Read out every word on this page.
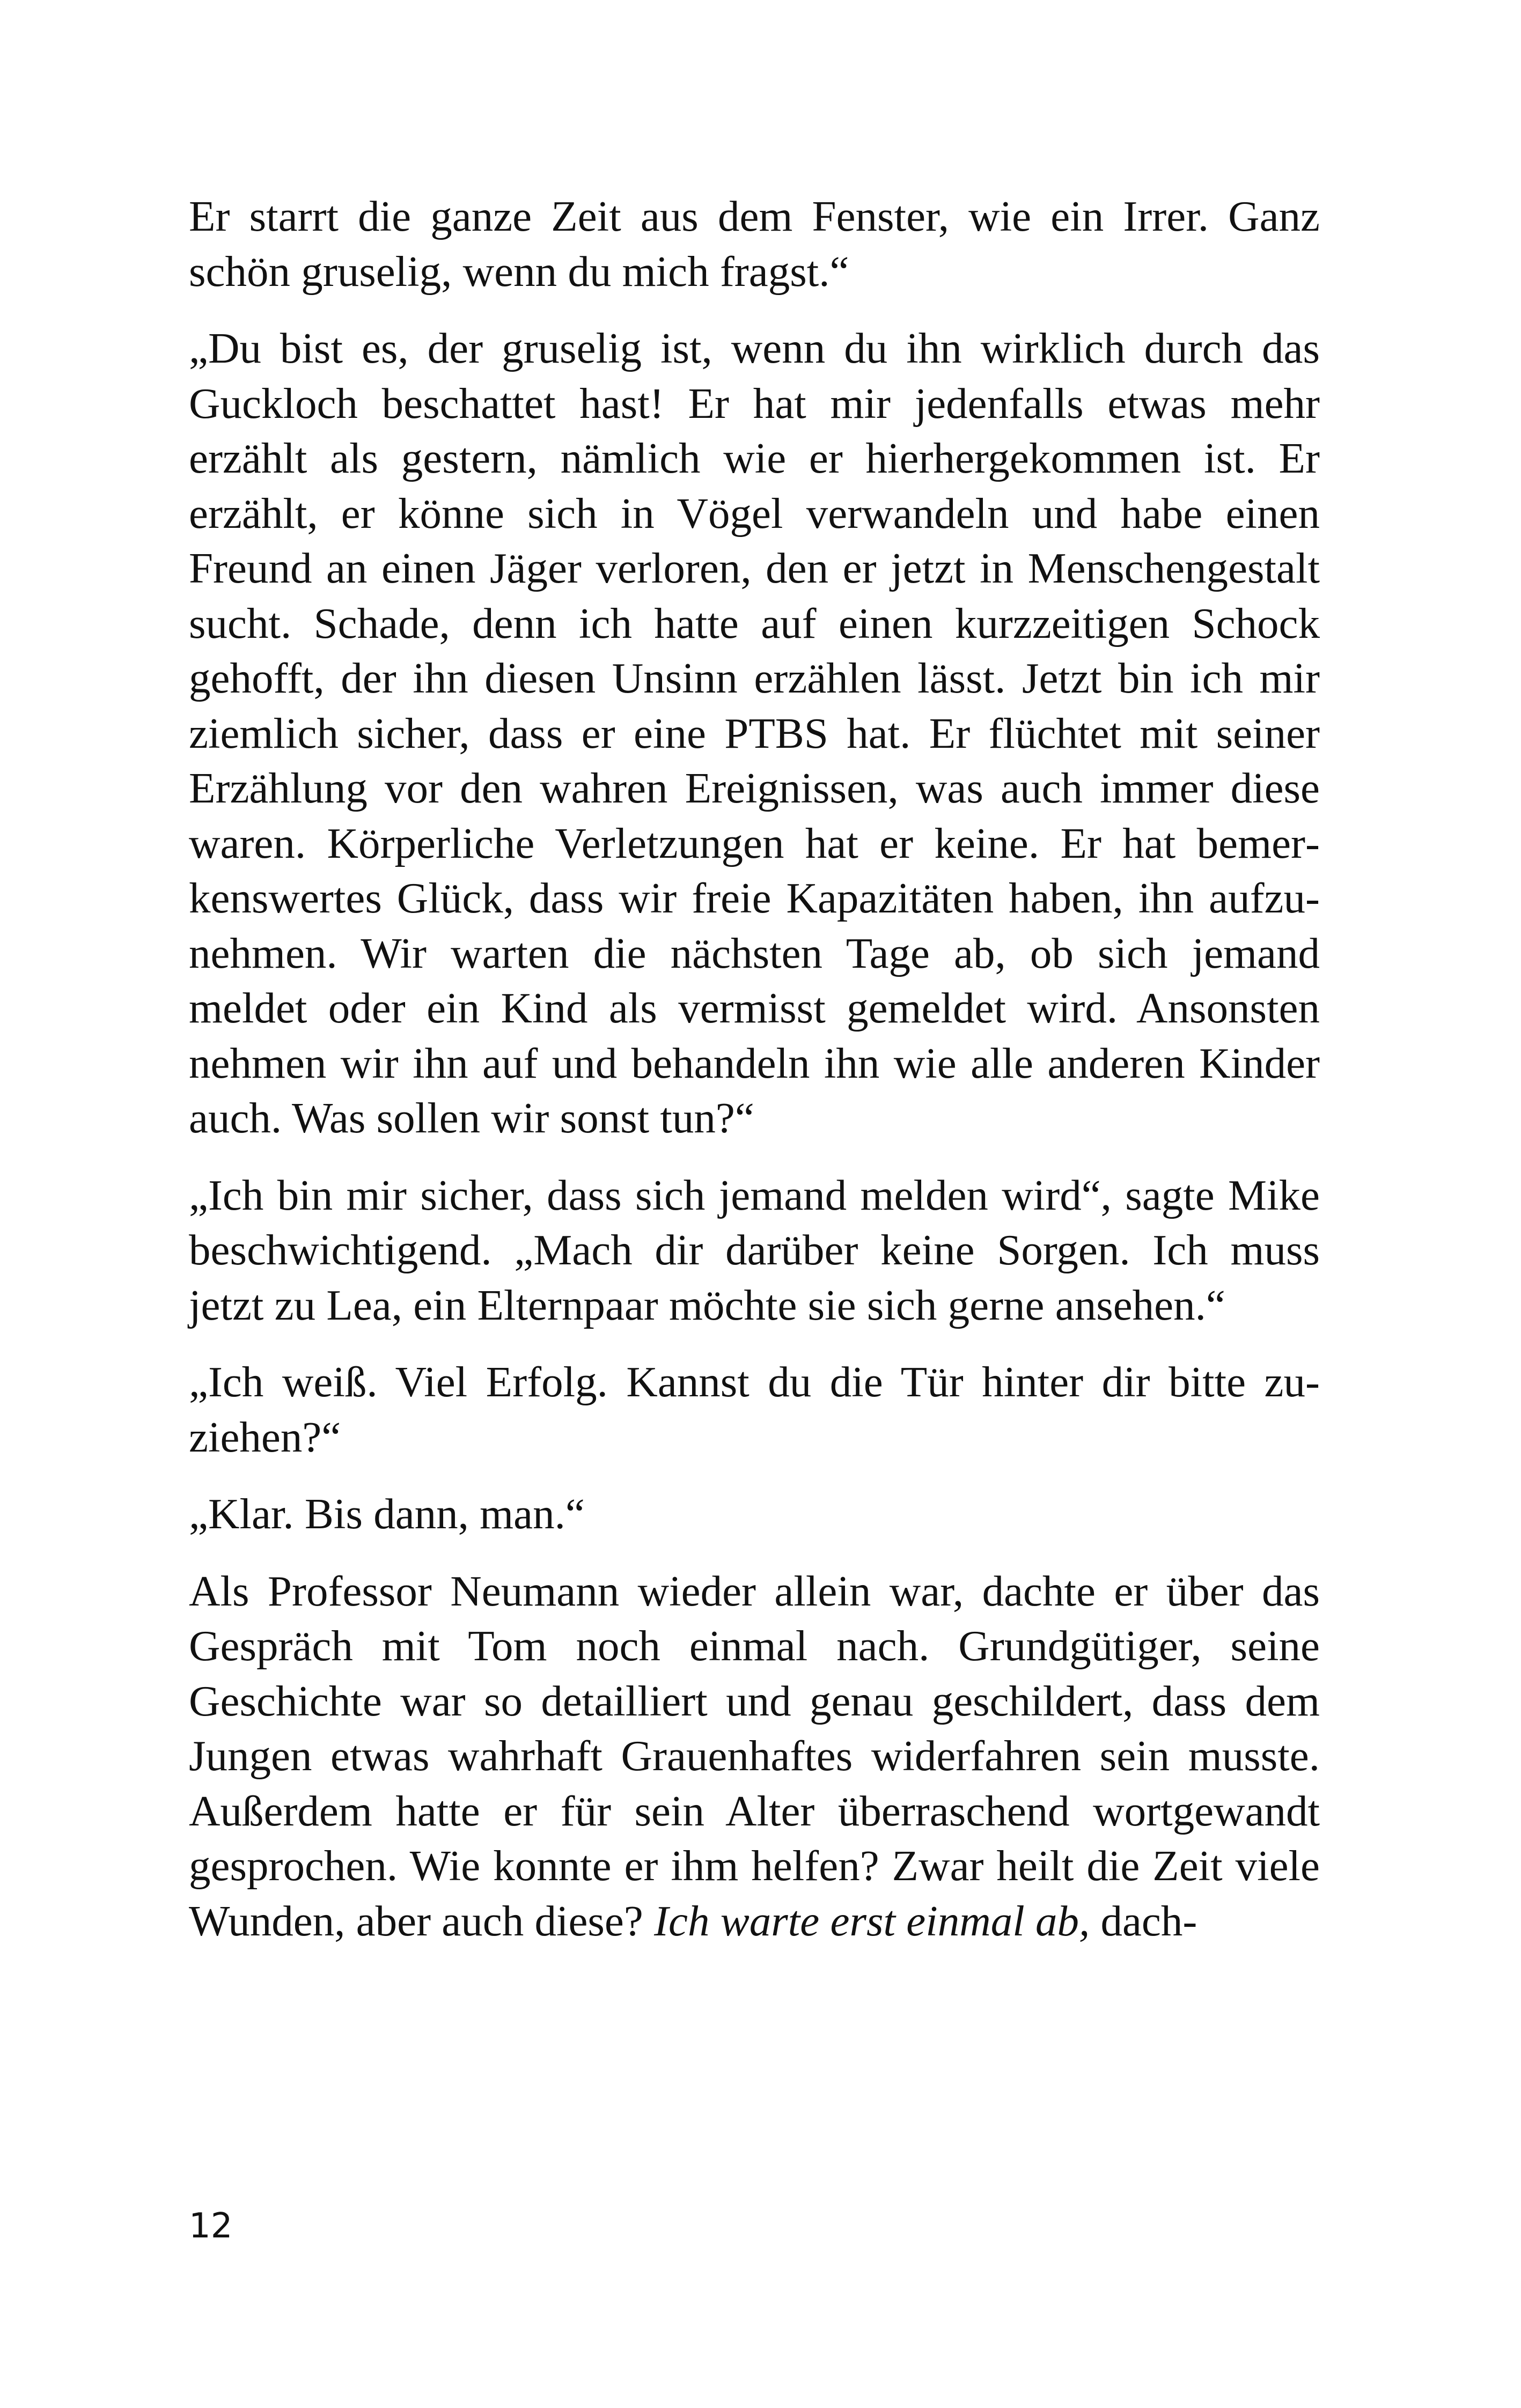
Er starrt die ganze Zeit aus dem Fenster, wie ein Irrer. Ganz schön gruselig, wenn du mich fragst.“

„Du bist es, der gruselig ist, wenn du ihn wirklich durch das Guckloch beschattet hast! Er hat mir jedenfalls etwas mehr erzählt als gestern, nämlich wie er hierhergekommen ist. Er erzählt, er könne sich in Vögel verwandeln und habe einen Freund an einen Jäger verloren, den er jetzt in Menschengestalt sucht. Schade, denn ich hatte auf einen kurzzeitigen Schock gehofft, der ihn diesen Unsinn erzählen lässt. Jetzt bin ich mir ziemlich sicher, dass er eine PTBS hat. Er flüchtet mit seiner Erzählung vor den wahren Ereignissen, was auch immer diese waren. Körperliche Verletzungen hat er keine. Er hat bemerkenswertes Glück, dass wir freie Kapazitäten haben, ihn aufzunehmen. Wir warten die nächsten Tage ab, ob sich jemand meldet oder ein Kind als vermisst gemeldet wird. Ansonsten nehmen wir ihn auf und behandeln ihn wie alle anderen Kinder auch. Was sollen wir sonst tun?“

„Ich bin mir sicher, dass sich jemand melden wird“, sagte Mike beschwichtigend. „Mach dir darüber keine Sorgen. Ich muss jetzt zu Lea, ein Elternpaar möchte sie sich gerne ansehen.“

„Ich weiß. Viel Erfolg. Kannst du die Tür hinter dir bitte zuziehen?“

„Klar. Bis dann, man.“

Als Professor Neumann wieder allein war, dachte er über das Gespräch mit Tom noch einmal nach. Grundgütiger, seine Geschichte war so detailliert und genau geschildert, dass dem Jungen etwas wahrhaft Grauenhaftes widerfahren sein musste. Außerdem hatte er für sein Alter überraschend wortgewandt gesprochen. Wie konnte er ihm helfen? Zwar heilt die Zeit viele Wunden, aber auch diese? Ich warte erst einmal ab, dach-

12
